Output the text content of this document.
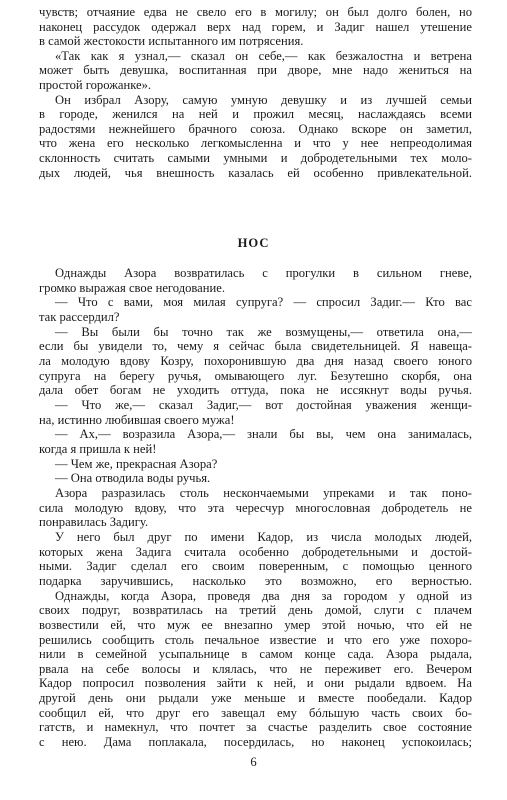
чувств; отчаяние едва не свело его в могилу; он был долго болен, но
наконец рассудок одержал верх над горем, и Задиг нашел утешение
в самой жестокости испытанного им потрясения.
«Так как я узнал,— сказал он себе,— как безжалостна и ветрена
может быть девушка, воспитанная при дворе, мне надо жениться на
простой горожанке».
Он избрал Азору, самую умную девушку и из лучшей семьи
в городе, женился на ней и прожил месяц, наслаждаясь всеми
радостями нежнейшего брачного союза. Однако вскоре он заметил,
что жена его несколько легкомысленна и что у нее непреодолимая
склонность считать самыми умными и добродетельными тех моло-
дых людей, чья внешность казалась ей особенно привлекательной.
НОС
Однажды Азора возвратилась с прогулки в сильном гневе,
громко выражая свое негодование.
— Что с вами, моя милая супруга? — спросил Задиг.— Кто вас
так рассердил?
— Вы были бы точно так же возмущены,— ответила она,—
если бы увидели то, чему я сейчас была свидетельницей. Я навеща-
ла молодую вдову Козру, похоронившую два дня назад своего юного
супруга на берегу ручья, омывающего луг. Безутешно скорбя, она
дала обет богам не уходить оттуда, пока не иссякнут воды ручья.
— Что же,— сказал Задиг,— вот достойная уважения женщи-
на, истинно любившая своего мужа!
— Ах,— возразила Азора,— знали бы вы, чем она занималась,
когда я пришла к ней!
— Чем же, прекрасная Азора?
— Она отводила воды ручья.
Азора разразилась столь нескончаемыми упреками и так поно-
сила молодую вдову, что эта чересчур многословная добродетель не
понравилась Задигу.
У него был друг по имени Кадор, из числа молодых людей,
которых жена Задига считала особенно добродетельными и достой-
ными. Задиг сделал его своим поверенным, с помощью ценного
подарка заручившись, насколько это возможно, его верностью.
Однажды, когда Азора, проведя два дня за городом у одной из
своих подруг, возвратилась на третий день домой, слуги с плачем
возвестили ей, что муж ее внезапно умер этой ночью, что ей не
решились сообщить столь печальное известие и что его уже похоро-
нили в семейной усыпальнице в самом конце сада. Азора рыдала,
рвала на себе волосы и клялась, что не переживет его. Вечером
Кадор попросил позволения зайти к ней, и они рыдали вдвоем. На
другой день они рыдали уже меньше и вместе пообедали. Кадор
сообщил ей, что друг его завещал ему бóльшую часть своих бо-
гатств, и намекнул, что почтет за счастье разделить свое состояние
с нею. Дама поплакала, посердилась, но наконец успокоилась;
6
